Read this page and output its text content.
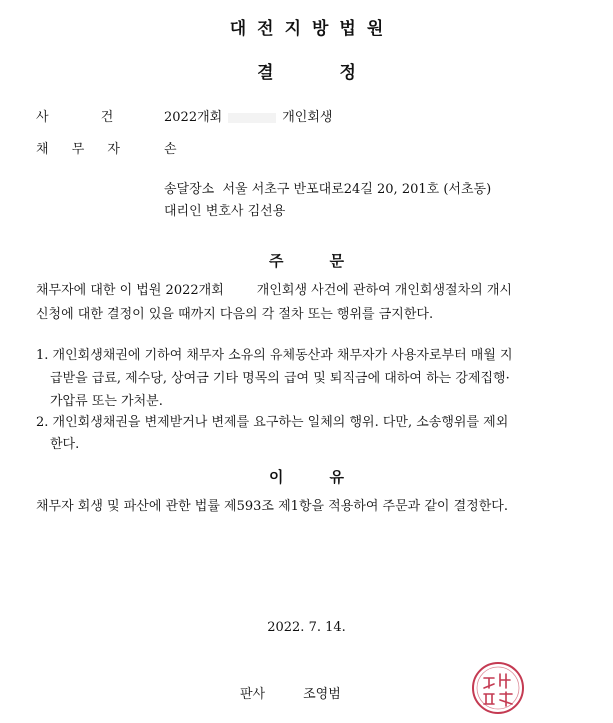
대전지방법원
결	정
사	건	2022개회	개인회생
채 무 자	손
송달장소  서울 서초구 반포대로24길 20, 201호 (서초동)
대리인 변호사 김선용
주	문
채무자에 대한 이 법원 2022개회        개인회생 사건에 관하여 개인회생절차의 개시
신청에 대한 결정이 있을 때까지 다음의 각 절차 또는 행위를 금지한다.
1. 개인회생채권에 기하여 채무자 소유의 유체동산과 채무자가 사용자로부터 매월 지
급받을 급료, 제수당, 상여금 기타 명목의 급여 및 퇴직금에 대하여 하는 강제집행·
가압류 또는 가처분.
2. 개인회생채권을 변제받거나 변제를 요구하는 일체의 행위. 다만, 소송행위를 제외
한다.
이	유
채무자 회생 및 파산에 관한 법률 제593조 제1항을 적용하여 주문과 같이 결정한다.
2022. 7. 14.
판사	조영범
